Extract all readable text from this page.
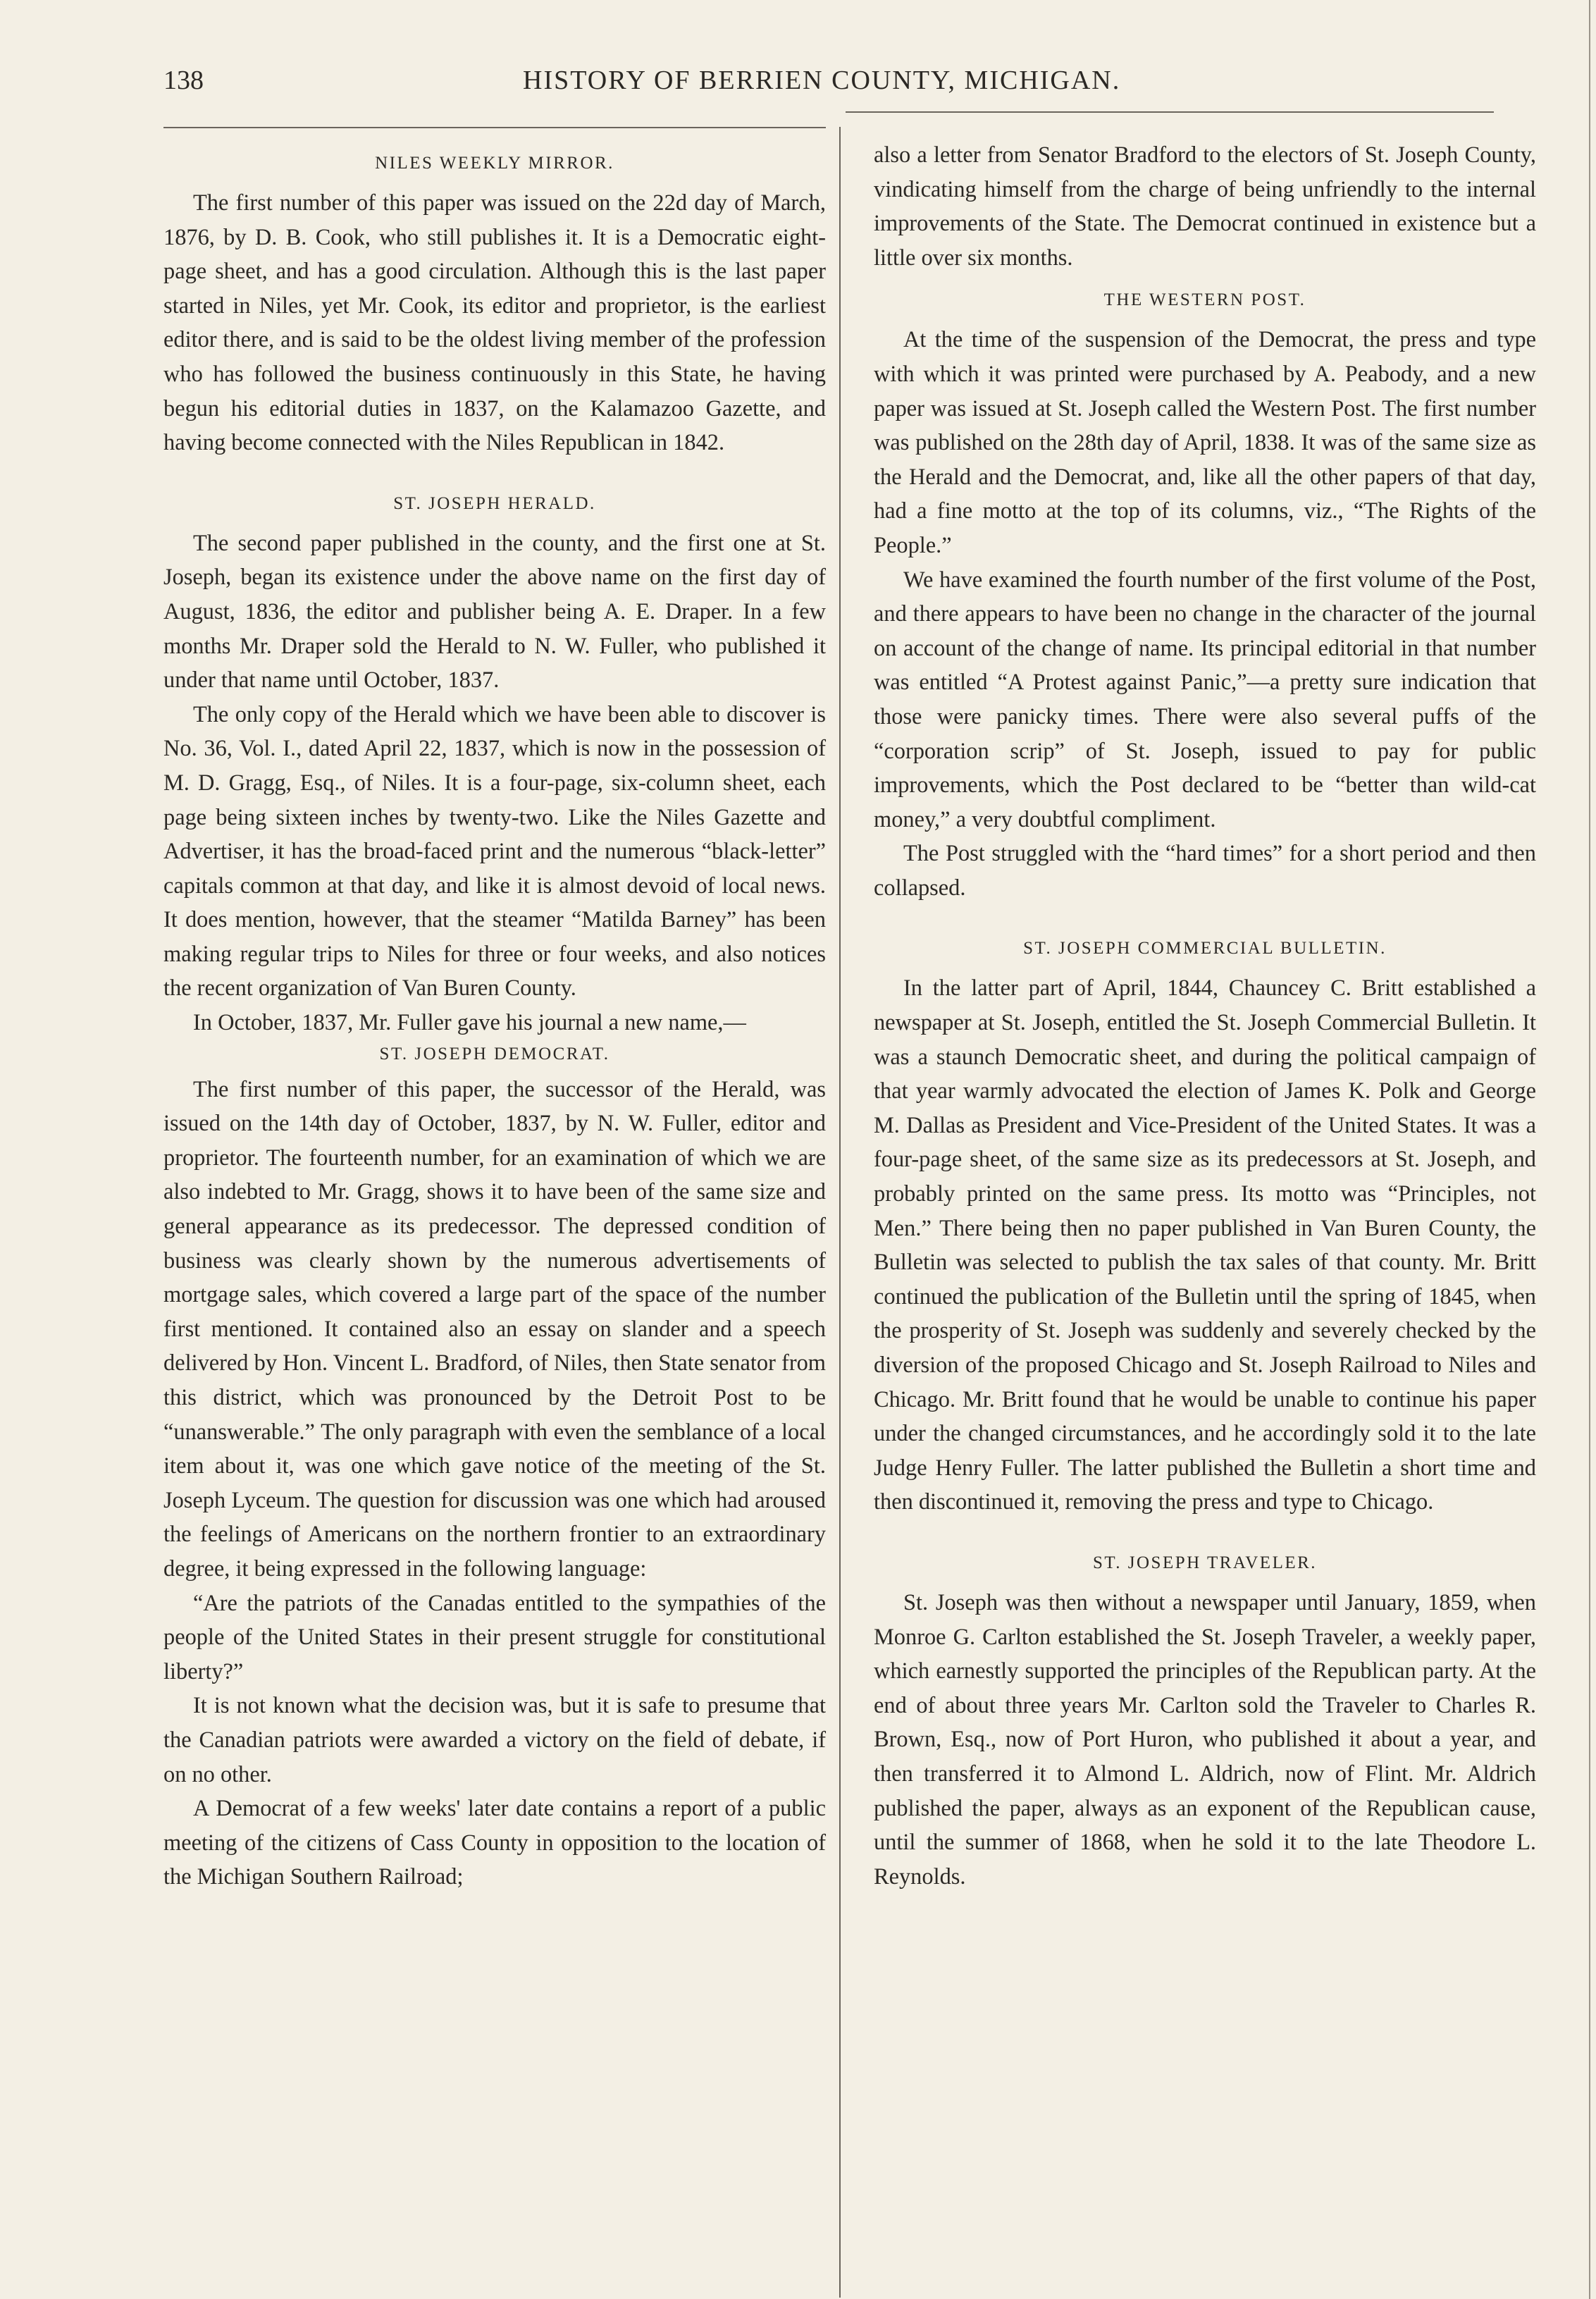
138	HISTORY OF BERRIEN COUNTY, MICHIGAN.
NILES WEEKLY MIRROR.

The first number of this paper was issued on the 22d day of March, 1876, by D. B. Cook, who still publishes it. It is a Democratic eight-page sheet, and has a good circulation. Although this is the last paper started in Niles, yet Mr. Cook, its editor and proprietor, is the earliest editor there, and is said to be the oldest living member of the profession who has followed the business continuously in this State, he having begun his editorial duties in 1837, on the Kalamazoo Gazette, and having become connected with the Niles Republican in 1842.

ST. JOSEPH HERALD.

The second paper published in the county, and the first one at St. Joseph, began its existence under the above name on the first day of August, 1836, the editor and publisher being A. E. Draper. In a few months Mr. Draper sold the Herald to N. W. Fuller, who published it under that name until October, 1837.

The only copy of the Herald which we have been able to discover is No. 36, Vol. I., dated April 22, 1837, which is now in the possession of M. D. Gragg, Esq., of Niles. It is a four-page, six-column sheet, each page being sixteen inches by twenty-two. Like the Niles Gazette and Advertiser, it has the broad-faced print and the numerous “black-letter” capitals common at that day, and like it is almost devoid of local news. It does mention, however, that the steamer “Matilda Barney” has been making regular trips to Niles for three or four weeks, and also notices the recent organization of Van Buren County.

In October, 1837, Mr. Fuller gave his journal a new name,—

ST. JOSEPH DEMOCRAT.

The first number of this paper, the successor of the Herald, was issued on the 14th day of October, 1837, by N. W. Fuller, editor and proprietor. The fourteenth number, for an examination of which we are also indebted to Mr. Gragg, shows it to have been of the same size and general appearance as its predecessor. The depressed condition of business was clearly shown by the numerous advertisements of mortgage sales, which covered a large part of the space of the number first mentioned. It contained also an essay on slander and a speech delivered by Hon. Vincent L. Bradford, of Niles, then State senator from this district, which was pronounced by the Detroit Post to be “unanswerable.” The only paragraph with even the semblance of a local item about it, was one which gave notice of the meeting of the St. Joseph Lyceum. The question for discussion was one which had aroused the feelings of Americans on the northern frontier to an extraordinary degree, it being expressed in the following language:

“Are the patriots of the Canadas entitled to the sympathies of the people of the United States in their present struggle for constitutional liberty?”

It is not known what the decision was, but it is safe to presume that the Canadian patriots were awarded a victory on the field of debate, if on no other.

A Democrat of a few weeks' later date contains a report of a public meeting of the citizens of Cass County in opposition to the location of the Michigan Southern Railroad;

also a letter from Senator Bradford to the electors of St. Joseph County, vindicating himself from the charge of being unfriendly to the internal improvements of the State. The Democrat continued in existence but a little over six months.

THE WESTERN POST.

At the time of the suspension of the Democrat, the press and type with which it was printed were purchased by A. Peabody, and a new paper was issued at St. Joseph called the Western Post. The first number was published on the 28th day of April, 1838. It was of the same size as the Herald and the Democrat, and, like all the other papers of that day, had a fine motto at the top of its columns, viz., “The Rights of the People.”

We have examined the fourth number of the first volume of the Post, and there appears to have been no change in the character of the journal on account of the change of name. Its principal editorial in that number was entitled “A Protest against Panic,”—a pretty sure indication that those were panicky times. There were also several puffs of the “corporation scrip” of St. Joseph, issued to pay for public improvements, which the Post declared to be “better than wild-cat money,” a very doubtful compliment.

The Post struggled with the “hard times” for a short period and then collapsed.

ST. JOSEPH COMMERCIAL BULLETIN.

In the latter part of April, 1844, Chauncey C. Britt established a newspaper at St. Joseph, entitled the St. Joseph Commercial Bulletin. It was a staunch Democratic sheet, and during the political campaign of that year warmly advocated the election of James K. Polk and George M. Dallas as President and Vice-President of the United States. It was a four-page sheet, of the same size as its predecessors at St. Joseph, and probably printed on the same press. Its motto was “Principles, not Men.” There being then no paper published in Van Buren County, the Bulletin was selected to publish the tax sales of that county. Mr. Britt continued the publication of the Bulletin until the spring of 1845, when the prosperity of St. Joseph was suddenly and severely checked by the diversion of the proposed Chicago and St. Joseph Railroad to Niles and Chicago. Mr. Britt found that he would be unable to continue his paper under the changed circumstances, and he accordingly sold it to the late Judge Henry Fuller. The latter published the Bulletin a short time and then discontinued it, removing the press and type to Chicago.

ST. JOSEPH TRAVELER.

St. Joseph was then without a newspaper until January, 1859, when Monroe G. Carlton established the St. Joseph Traveler, a weekly paper, which earnestly supported the principles of the Republican party. At the end of about three years Mr. Carlton sold the Traveler to Charles R. Brown, Esq., now of Port Huron, who published it about a year, and then transferred it to Almond L. Aldrich, now of Flint. Mr. Aldrich published the paper, always as an exponent of the Republican cause, until the summer of 1868, when he sold it to the late Theodore L. Reynolds.
